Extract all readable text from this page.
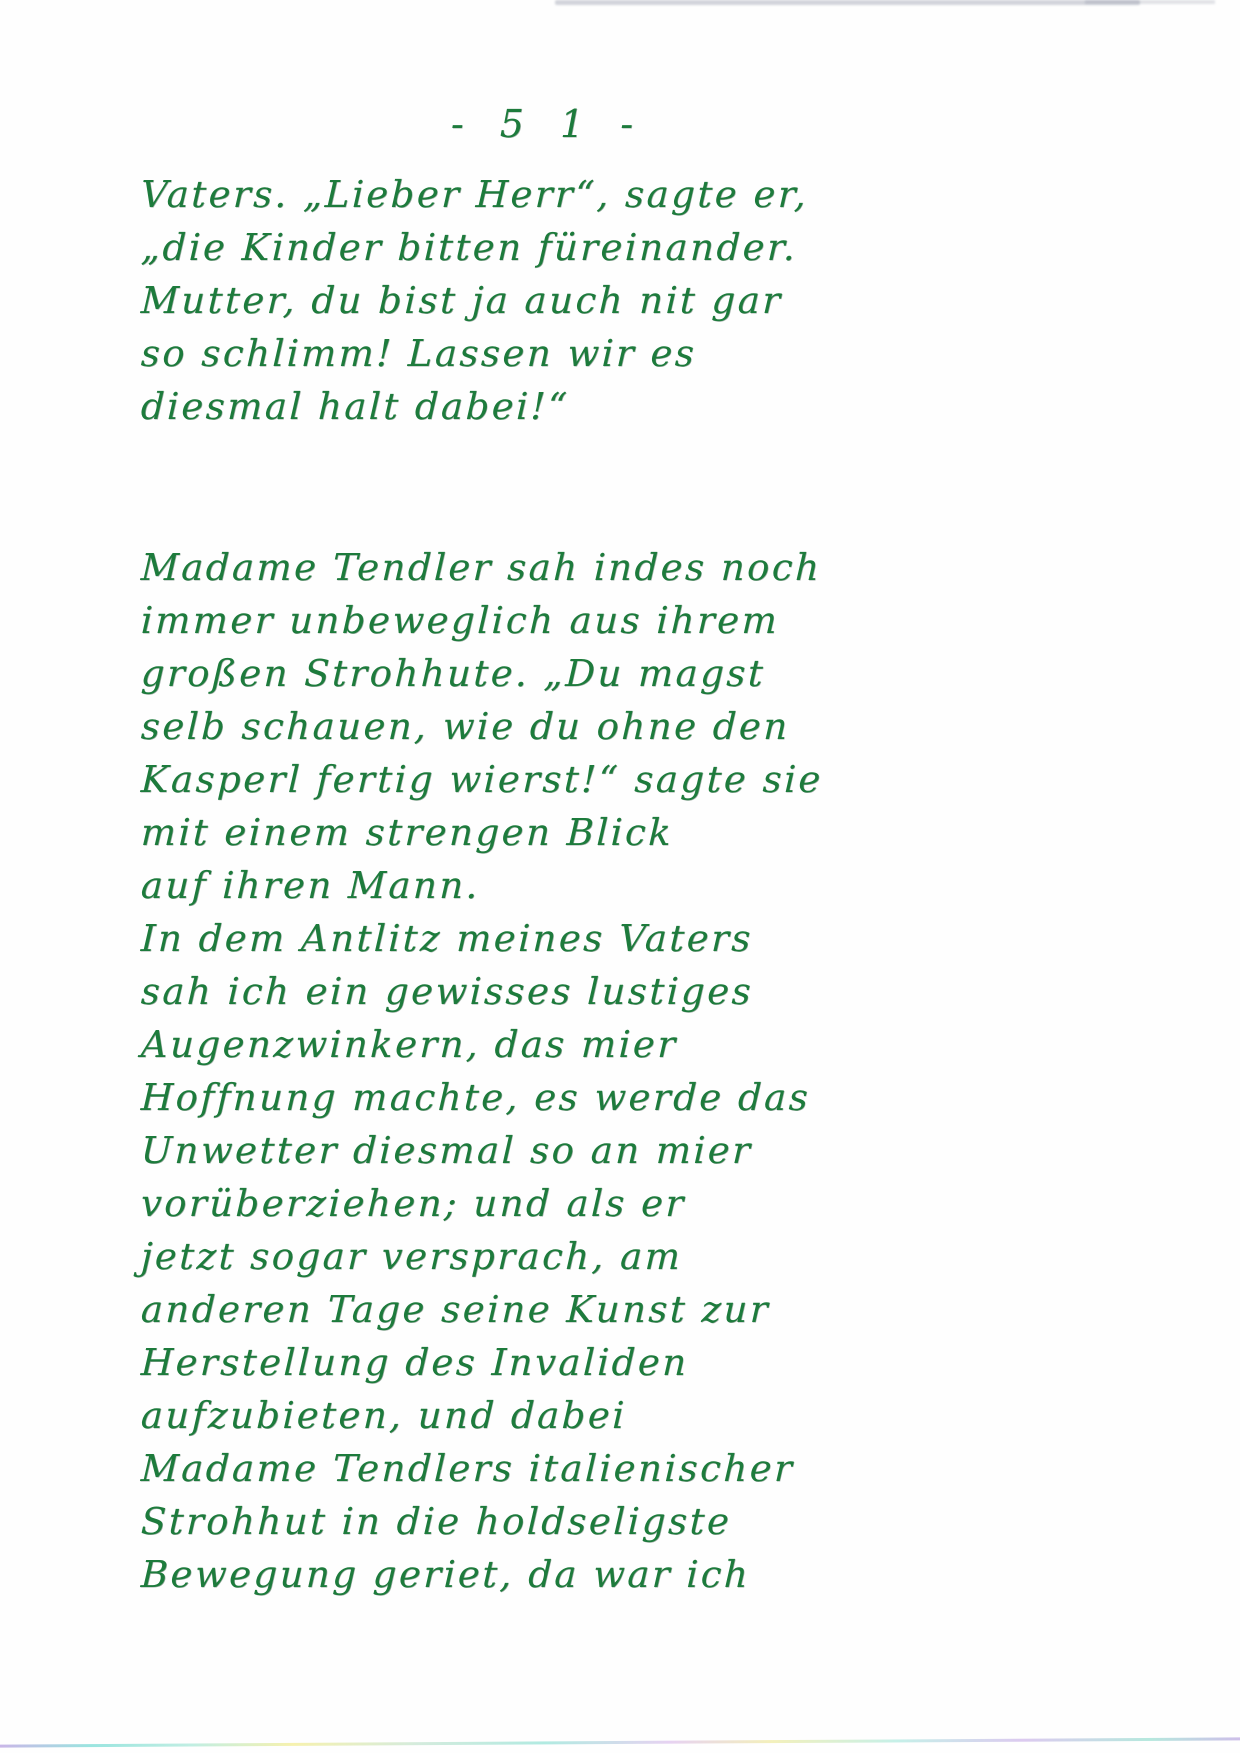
- 5 1 -
Vaters. „Lieber Herr“, sagte er,
„die Kinder bitten füreinander.
Mutter, du bist ja auch nit gar
so schlimm! Lassen wir es
diesmal halt dabei!“
Madame Tendler sah indes noch
immer unbeweglich aus ihrem
großen Strohhute. „Du magst
selb schauen, wie du ohne den
Kasperl fertig wierst!“ sagte sie
mit einem strengen Blick
auf ihren Mann.
In dem Antlitz meines Vaters
sah ich ein gewisses lustiges
Augenzwinkern, das mier
Hoffnung machte, es werde das
Unwetter diesmal so an mier
vorüberziehen; und als er
jetzt sogar versprach, am
anderen Tage seine Kunst zur
Herstellung des Invaliden
aufzubieten, und dabei
Madame Tendlers italienischer
Strohhut in die holdseligste
Bewegung geriet, da war ich
